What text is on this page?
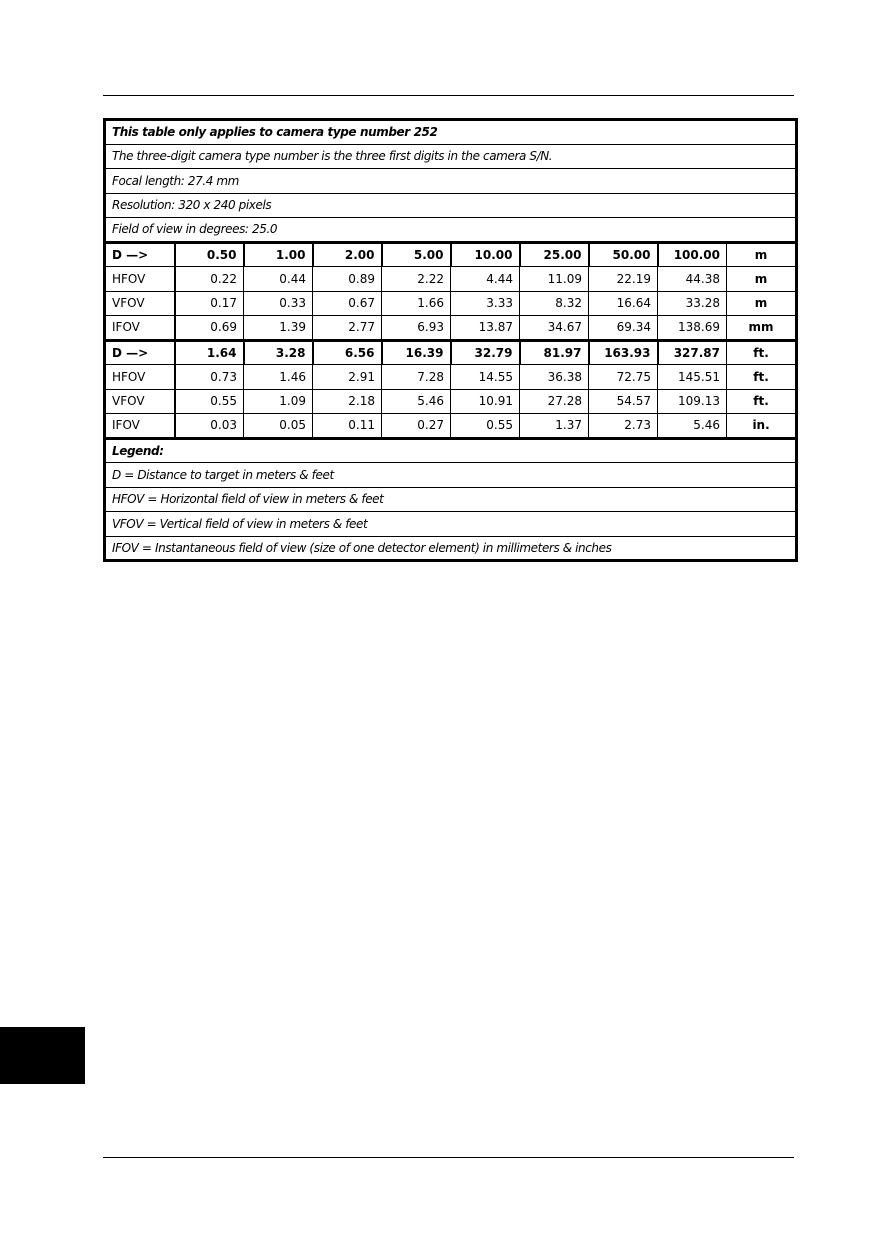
This table only applies to camera type number 252									
The three-digit camera type number is the three first digits in the camera S/N.									
Focal length: 27.4 mm									
Resolution: 320 x 240 pixels									
Field of view in degrees: 25.0									
D —>	0.50	1.00	2.00	5.00	10.00	25.00	50.00	100.00	m
HFOV	0.22	0.44	0.89	2.22	4.44	11.09	22.19	44.38	m
VFOV	0.17	0.33	0.67	1.66	3.33	8.32	16.64	33.28	m
IFOV	0.69	1.39	2.77	6.93	13.87	34.67	69.34	138.69	mm
D —>	1.64	3.28	6.56	16.39	32.79	81.97	163.93	327.87	ft.
HFOV	0.73	1.46	2.91	7.28	14.55	36.38	72.75	145.51	ft.
VFOV	0.55	1.09	2.18	5.46	10.91	27.28	54.57	109.13	ft.
IFOV	0.03	0.05	0.11	0.27	0.55	1.37	2.73	5.46	in.
Legend:									
D = Distance to target in meters & feet									
HFOV = Horizontal field of view in meters & feet									
VFOV = Vertical field of view in meters & feet									
IFOV = Instantaneous field of view (size of one detector element) in millimeters & inches									
